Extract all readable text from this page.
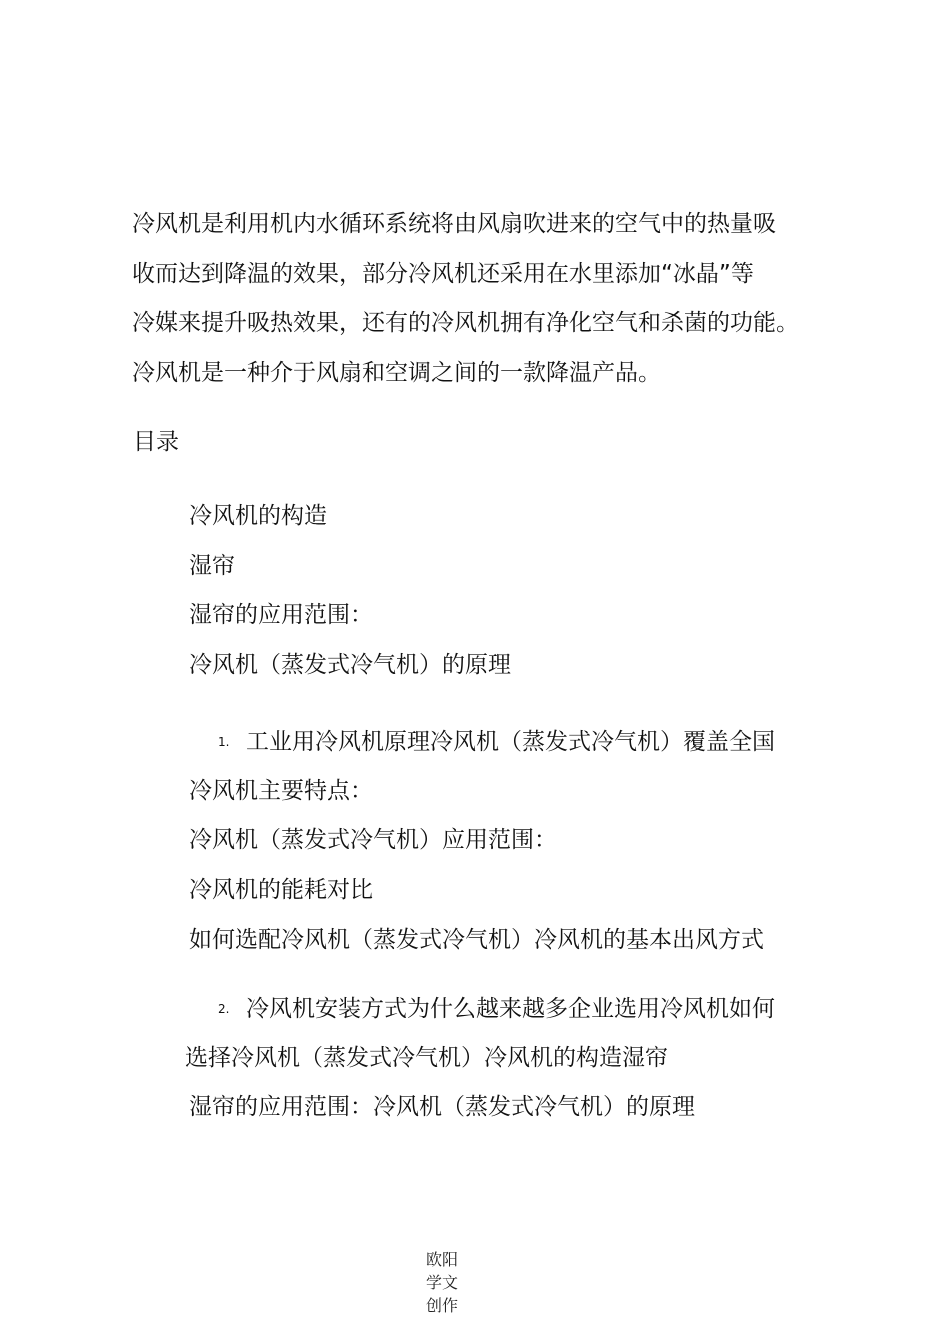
冷风机是利用机内水循环系统将由风扇吹进来的空气中的热量吸
收而达到降温的效果，部分冷风机还采用在水里添加“冰晶”等
冷媒来提升吸热效果，还有的冷风机拥有净化空气和杀菌的功能。
冷风机是一种介于风扇和空调之间的一款降温产品。

目录
冷风机的构造
湿帘
湿帘的应用范围：
冷风机（蒸发式冷气机）的原理
1. 工业用冷风机原理冷风机（蒸发式冷气机）覆盖全国
冷风机主要特点：
冷风机（蒸发式冷气机）应用范围：
冷风机的能耗对比
如何选配冷风机（蒸发式冷气机）冷风机的基本出风方式
2. 冷风机安装方式为什么越来越多企业选用冷风机如何
选择冷风机（蒸发式冷气机）冷风机的构造湿帘
湿帘的应用范围：冷风机（蒸发式冷气机）的原理
欧阳
学文
创作
